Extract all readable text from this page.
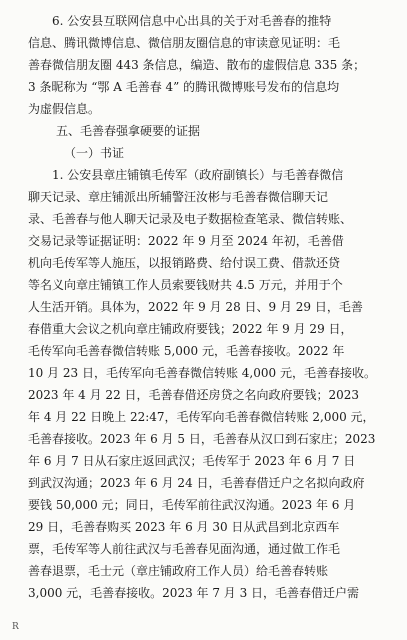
6. 公安县互联网信息中心出具的关于对毛善春的推特
信息、腾讯微博信息、微信朋友圈信息的审读意见证明：毛
善春微信朋友圈 443 条信息，编造、散布的虚假信息 335 条；
3 条昵称为 “鄂 A 毛善春 4” 的腾讯微博账号发布的信息均
为虚假信息。
五、毛善春强拿硬要的证据
（一）书证
1. 公安县章庄铺镇毛传军（政府副镇长）与毛善春微信
聊天记录、章庄铺派出所辅警汪汝彬与毛善春微信聊天记
录、毛善春与他人聊天记录及电子数据检查笔录、微信转账、
交易记录等证据证明：2022 年 9 月至 2024 年初，毛善借
机向毛传军等人施压，以报销路费、给付误工费、借款还贷
等名义向章庄铺镇工作人员索要钱财共 4.5 万元，并用于个
人生活开销。具体为，2022 年 9 月 28 日、9 月 29 日，毛善
春借重大会议之机向章庄铺政府要钱；2022 年 9 月 29 日，
毛传军向毛善春微信转账 5,000 元，毛善春接收。2022 年
10 月 23 日，毛传军向毛善春微信转账 4,000 元，毛善春接收。
2023 年 4 月 22 日，毛善春借还房贷之名向政府要钱；2023
年 4 月 22 日晚上 22:47，毛传军向毛善春微信转账 2,000 元，
毛善春接收。2023 年 6 月 5 日，毛善春从汉口到石家庄；2023
年 6 月 7 日从石家庄返回武汉；毛传军于 2023 年 6 月 7 日
到武汉沟通；2023 年 6 月 24 日，毛善春借迁户之名拟向政府
要钱 50,000 元；同日，毛传军前往武汉沟通。2023 年 6 月
29 日，毛善春购买 2023 年 6 月 30 日从武昌到北京西车
票，毛传军等人前往武汉与毛善春见面沟通，通过做工作毛
善春退票，毛士元（章庄铺政府工作人员）给毛善春转账
3,000 元，毛善春接收。2023 年 7 月 3 日，毛善春借迁户需
R
